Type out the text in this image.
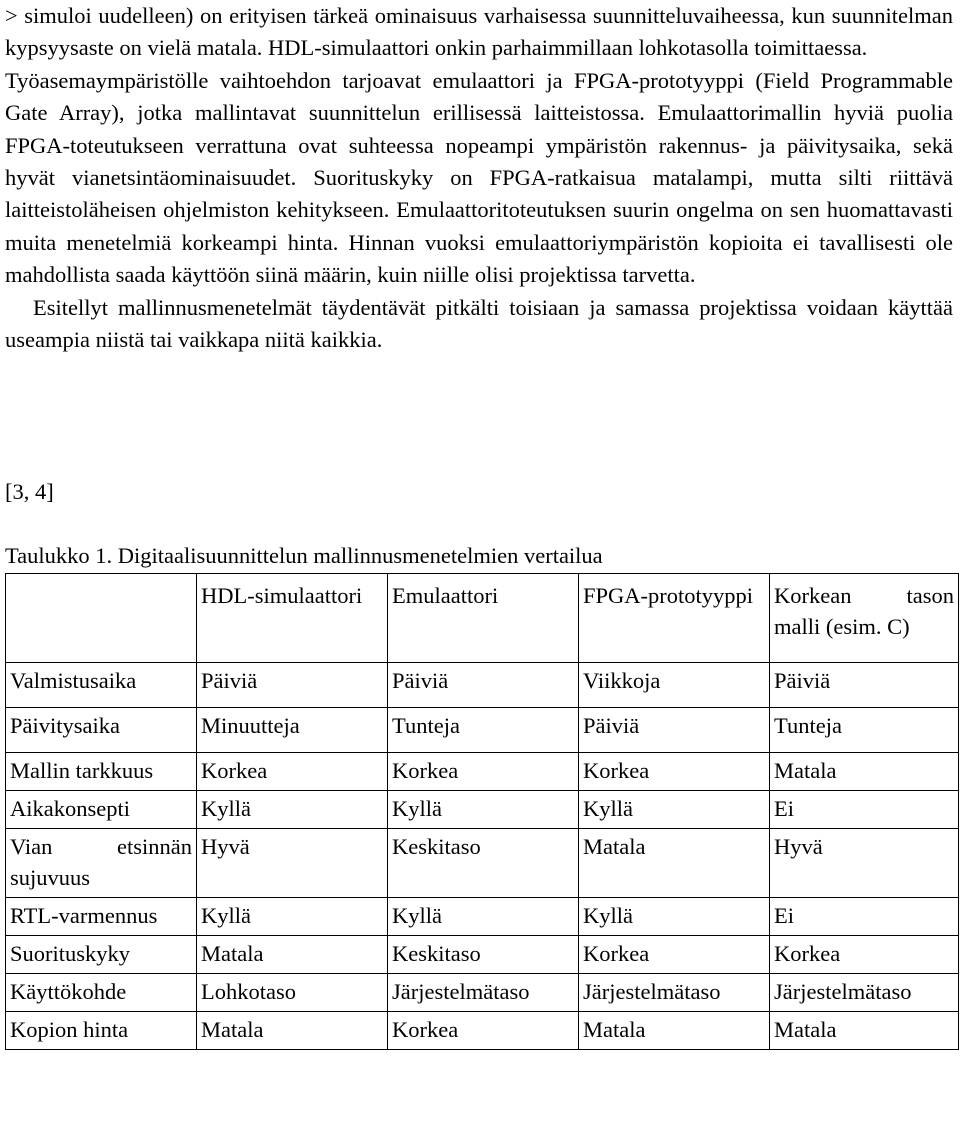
> simuloi uudelleen) on erityisen tärkeä ominaisuus varhaisessa suunnitteluvaiheessa, kun suunnitelman kypsyysaste on vielä matala. HDL-simulaattori onkin parhaimmillaan lohkotasolla toimittaessa.

Työasemaympäristölle vaihtoehdon tarjoavat emulaattori ja FPGA-prototyyppi (Field Programmable Gate Array), jotka mallintavat suunnittelun erillisessä laitteistossa. Emulaattorimallin hyviä puolia FPGA-toteutukseen verrattuna ovat suhteessa nopeampi ympäristön rakennus- ja päivitysaika, sekä hyvät vianetsintäominaisuudet. Suorituskyky on FPGA-ratkaisua matalampi, mutta silti riittävä laitteistoläheisen ohjelmiston kehitykseen. Emulaattoritoteutuksen suurin ongelma on sen huomattavasti muita menetelmiä korkeampi hinta. Hinnan vuoksi emulaattoriympäristön kopioita ei tavallisesti ole mahdollista saada käyttöön siinä määrin, kuin niille olisi projektissa tarvetta.

Esitellyt mallinnusmenetelmät täydentävät pitkälti toisiaan ja samassa projektissa voidaan käyttää useampia niistä tai vaikkapa niitä kaikkia.

[3, 4]

Taulukko 1. Digitaalisuunnittelun mallinnusmenetelmien vertailua

	HDL-simulaattori	Emulaattori	FPGA-prototyyppi	Korkean tason malli (esim. C)
Valmistusaika	Päiviä	Päiviä	Viikkoja	Päiviä
Päivitysaika	Minuutteja	Tunteja	Päiviä	Tunteja
Mallin tarkkuus	Korkea	Korkea	Korkea	Matala
Aikakonsepti	Kyllä	Kyllä	Kyllä	Ei
Vian etsinnän sujuvuus	Hyvä	Keskitaso	Matala	Hyvä
RTL-varmennus	Kyllä	Kyllä	Kyllä	Ei
Suorituskyky	Matala	Keskitaso	Korkea	Korkea
Käyttökohde	Lohkotaso	Järjestelmätaso	Järjestelmätaso	Järjestelmätaso
Kopion hinta	Matala	Korkea	Matala	Matala
